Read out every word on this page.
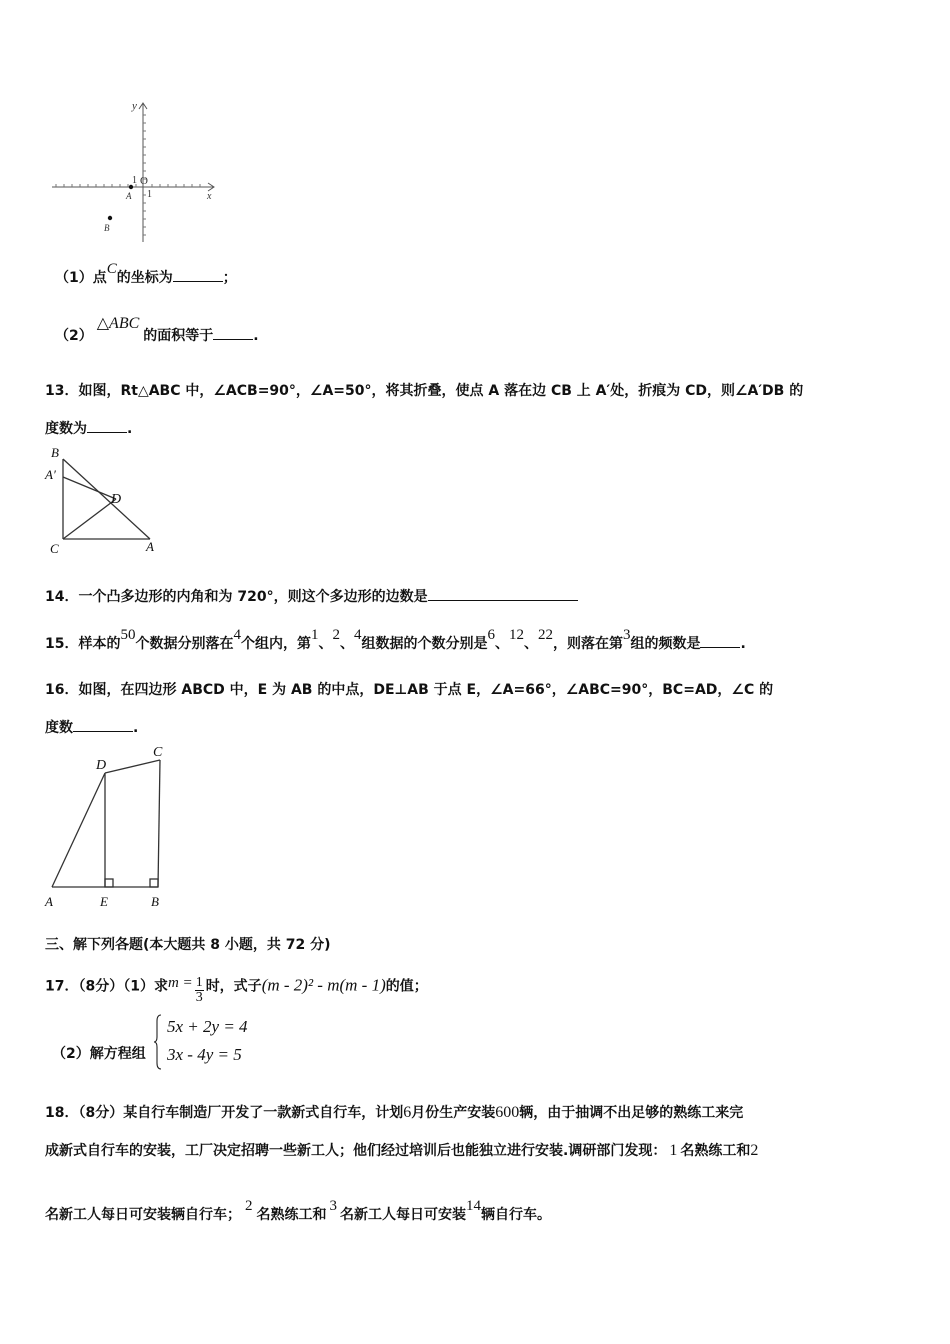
y
x
O
1
1
A
B
（1）点C的坐标为	；
（2）△ABC的面积等于	.
13．如图，Rt△ABC 中，∠ACB=90°，∠A=50°，将其折叠，使点 A 落在边 CB 上 A′处，折痕为 CD，则∠A′DB 的
度数为	.
B
A′
D
C	A
14．一个凸多边形的内角和为 720°，则这个多边形的边数是
15．样本的50个数据分别落在4个组内，第1、2、4组数据的个数分别是6、12、22，则落在第3组的频数是	.
16．如图，在四边形 ABCD 中，E 为 AB 的中点，DE⊥AB 于点 E，∠A=66°，∠ABC=90°，BC=AD，∠C 的
度数	.
D
C
A	E	B
三、解下列各题(本大题共 8 小题，共 72 分)
17．（8分）（1）求$m = \frac{1}{3}$ 时，式子(m - 2)² - m(m - 1)的值；
（2）解方程组
5x + 2y = 4
3x - 4y = 5
18．（8分）某自行车制造厂开发了一款新式自行车，计划6月份生产安装600辆，由于抽调不出足够的熟练工来完
成新式自行车的安装，工厂决定招聘一些新工人；他们经过培训后也能独立进行安装.调研部门发现： 1 名熟练工和2
名新工人每日可安装辆自行车；2名熟练工和3名新工人每日可安装14辆自行车。
